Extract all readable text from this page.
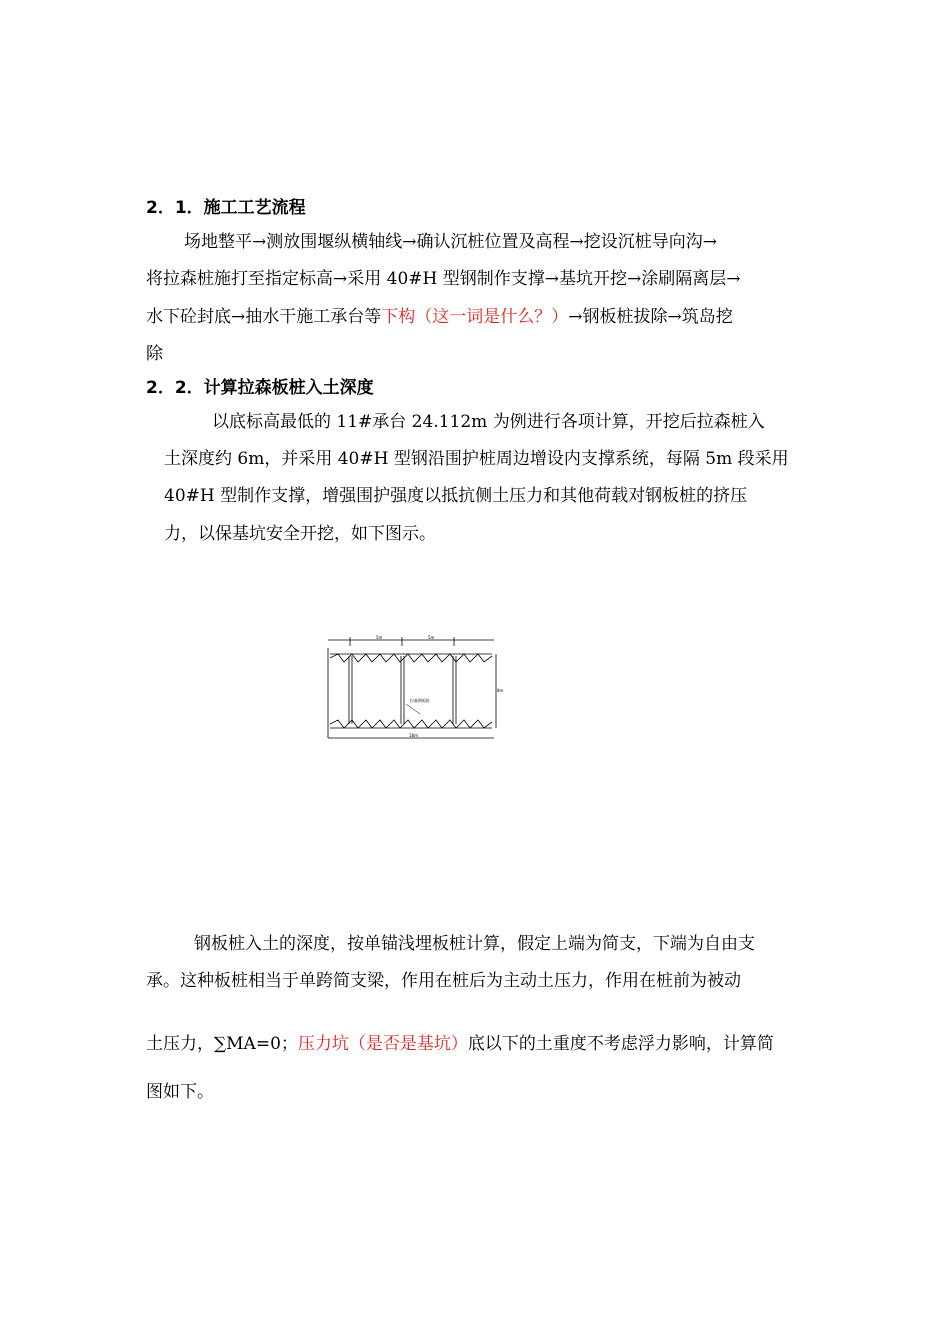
2．1．施工工艺流程
场地整平→测放围堰纵横轴线→确认沉桩位置及高程→挖设沉桩导向沟→
将拉森桩施打至指定标高→采用 40#H 型钢制作支撑→基坑开挖→涂刷隔离层→
水下砼封底→抽水干施工承台等下构（这一词是什么？）→钢板桩拔除→筑岛挖
除
2．2．计算拉森板桩入土深度
以底标高最低的 11#承台 24.112m 为例进行各项计算，开挖后拉森桩入
土深度约 6m，并采用 40#H 型钢沿围护桩周边增设内支撑系统，每隔 5m 段采用
40#H 型制作支撑，增强围护强度以抵抗侧土压力和其他荷载对钢板桩的挤压
力，以保基坑安全开挖，如下图示。
5m	5m
8m
拉森钢板桩
18m
钢板桩入土的深度，按单锚浅埋板桩计算，假定上端为简支，下端为自由支
承。这种板桩相当于单跨简支梁，作用在桩后为主动土压力，作用在桩前为被动
土压力，∑MA=0；压力坑（是否是基坑）底以下的土重度不考虑浮力影响，计算简
图如下。
